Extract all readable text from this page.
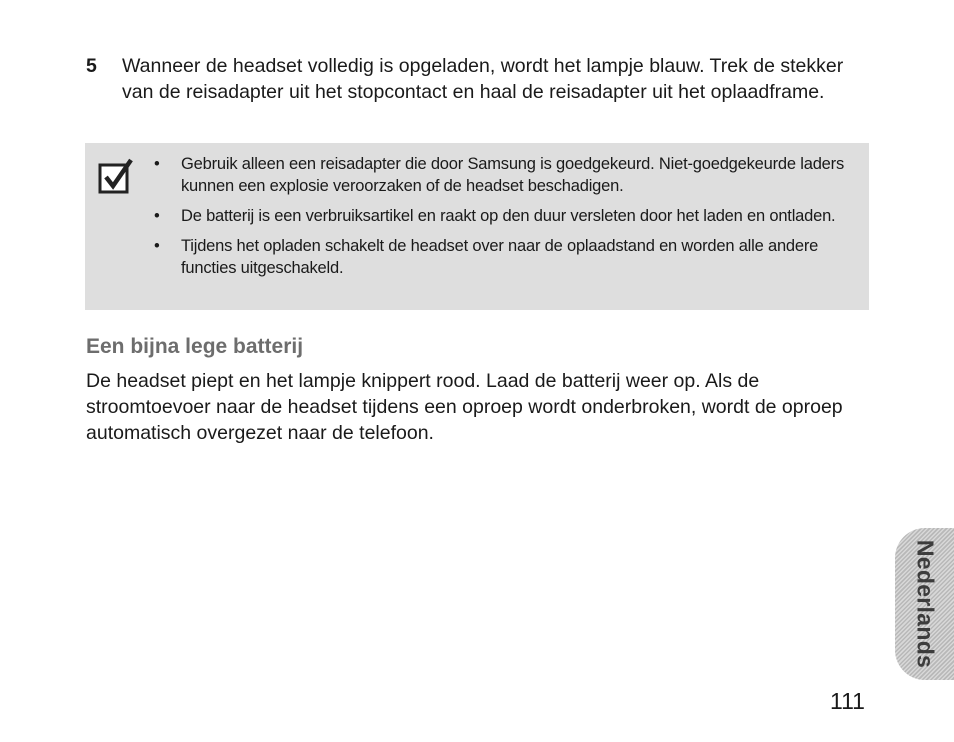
5 Wanneer de headset volledig is opgeladen, wordt het lampje blauw. Trek de stekker van de reisadapter uit het stopcontact en haal de reisadapter uit het oplaadframe.
• Gebruik alleen een reisadapter die door Samsung is goedgekeurd. Niet-goedgekeurde laders kunnen een explosie veroorzaken of de headset beschadigen.
• De batterij is een verbruiksartikel en raakt op den duur versleten door het laden en ontladen.
• Tijdens het opladen schakelt de headset over naar de oplaadstand en worden alle andere functies uitgeschakeld.
Een bijna lege batterij

De headset piept en het lampje knippert rood. Laad de batterij weer op. Als de stroomtoevoer naar de headset tijdens een oproep wordt onderbroken, wordt de oproep automatisch overgezet naar de telefoon.

Nederlands
111
